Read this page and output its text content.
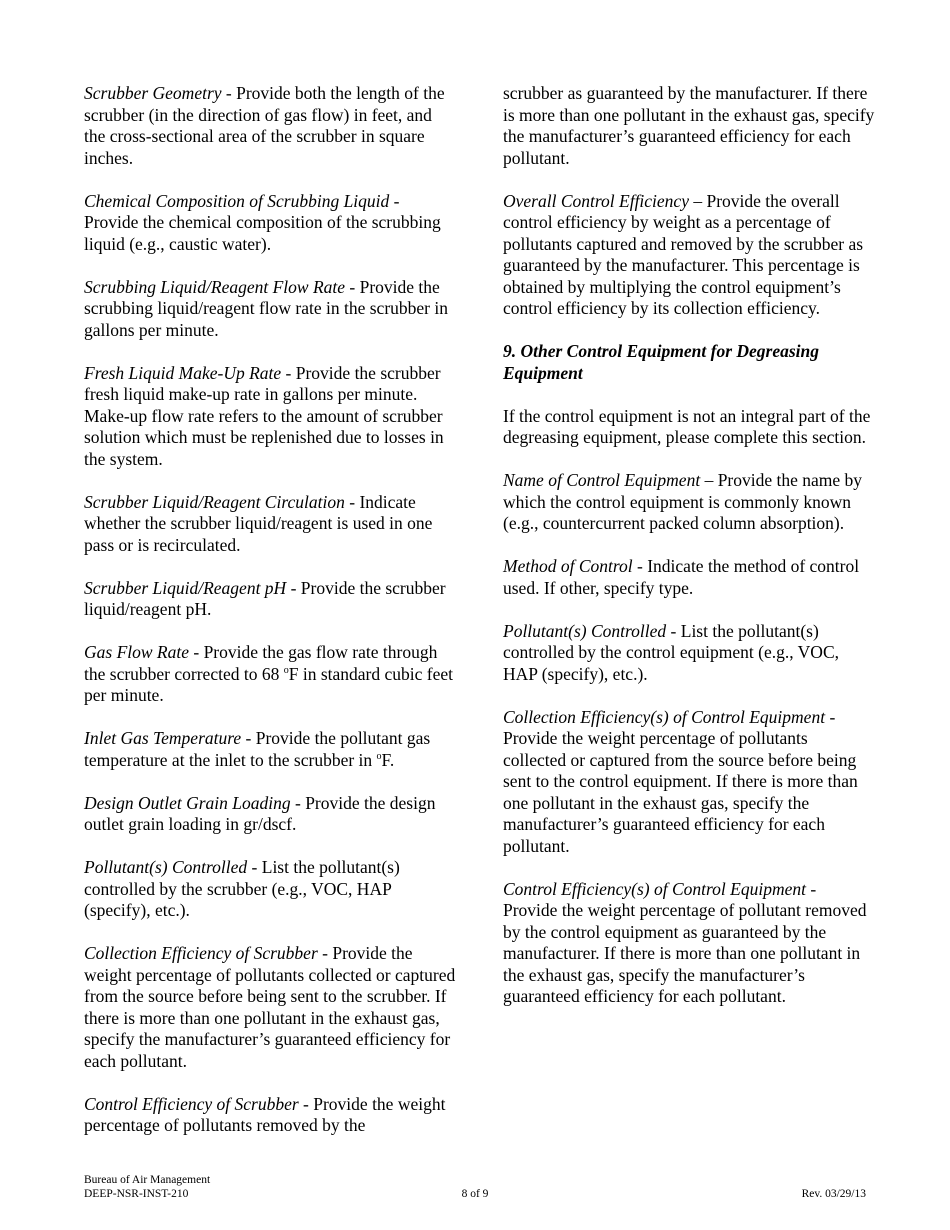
Scrubber Geometry - Provide both the length of the scrubber (in the direction of gas flow) in feet, and the cross-sectional area of the scrubber in square inches.

Chemical Composition of Scrubbing Liquid -
Provide the chemical composition of the scrubbing liquid (e.g., caustic water).

Scrubbing Liquid/Reagent Flow Rate - Provide the scrubbing liquid/reagent flow rate in the scrubber in gallons per minute.

Fresh Liquid Make-Up Rate - Provide the scrubber fresh liquid make-up rate in gallons per minute. Make-up flow rate refers to the amount of scrubber solution which must be replenished due to losses in the system.

Scrubber Liquid/Reagent Circulation - Indicate whether the scrubber liquid/reagent is used in one pass or is recirculated.

Scrubber Liquid/Reagent pH - Provide the scrubber liquid/reagent pH.

Gas Flow Rate - Provide the gas flow rate through the scrubber corrected to 68 $^o$F in standard cubic feet per minute.

Inlet Gas Temperature - Provide the pollutant gas temperature at the inlet to the scrubber in $^o$F.

Design Outlet Grain Loading - Provide the design outlet grain loading in gr/dscf.

Pollutant(s) Controlled - List the pollutant(s) controlled by the scrubber (e.g., VOC, HAP (specify), etc.).

Collection Efficiency of Scrubber - Provide the weight percentage of pollutants collected or captured from the source before being sent to the scrubber. If there is more than one pollutant in the exhaust gas, specify the manufacturer’s guaranteed efficiency for each pollutant.

Control Efficiency of Scrubber - Provide the weight percentage of pollutants removed by the

scrubber as guaranteed by the manufacturer. If there is more than one pollutant in the exhaust gas, specify the manufacturer’s guaranteed efficiency for each pollutant.

Overall Control Efficiency – Provide the overall control efficiency by weight as a percentage of pollutants captured and removed by the scrubber as guaranteed by the manufacturer. This percentage is obtained by multiplying the control equipment’s control efficiency by its collection efficiency.

9. Other Control Equipment for Degreasing Equipment

If the control equipment is not an integral part of the degreasing equipment, please complete this section.

Name of Control Equipment – Provide the name by which the control equipment is commonly known (e.g., countercurrent packed column absorption).

Method of Control - Indicate the method of control used. If other, specify type.

Pollutant(s) Controlled - List the pollutant(s) controlled by the control equipment (e.g., VOC, HAP (specify), etc.).

Collection Efficiency(s) of Control Equipment -
Provide the weight percentage of pollutants collected or captured from the source before being sent to the control equipment. If there is more than one pollutant in the exhaust gas, specify the manufacturer’s guaranteed efficiency for each pollutant.

Control Efficiency(s) of Control Equipment -
Provide the weight percentage of pollutant removed by the control equipment as guaranteed by the manufacturer. If there is more than one pollutant in the exhaust gas, specify the manufacturer’s guaranteed efficiency for each pollutant.

Bureau of Air Management
DEEP-NSR-INST-210	8 of 9	Rev. 03/29/13
